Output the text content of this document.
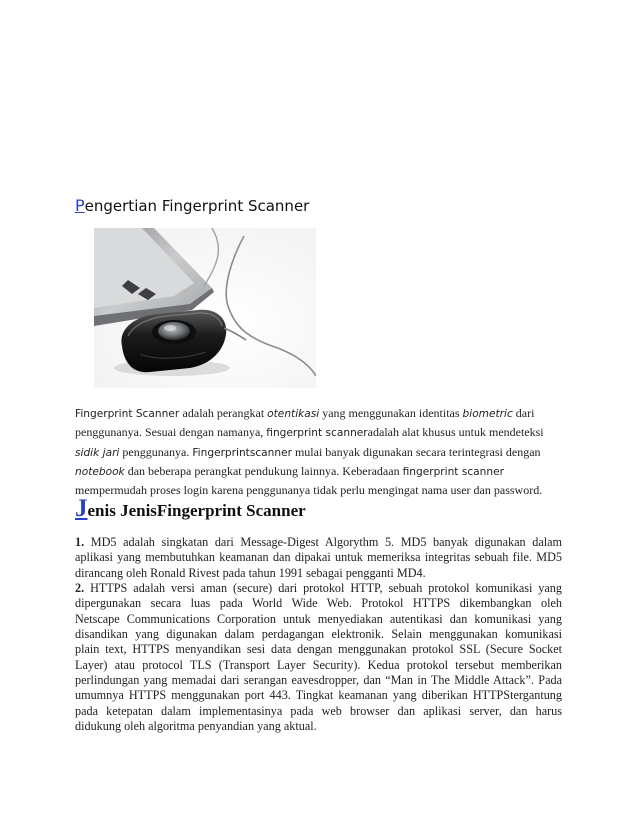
Pengertian Fingerprint Scanner
Fingerprint Scanner adalah perangkat otentikasi yang menggunakan identitas biometric dari
penggunanya. Sesuai dengan namanya, fingerprint scanneradalah alat khusus untuk mendeteksi
sidik jari penggunanya. Fingerprintscanner mulai banyak digunakan secara terintegrasi dengan
notebook dan beberapa perangkat pendukung lainnya. Keberadaan fingerprint scanner
mempermudah proses login karena penggunanya tidak perlu mengingat nama user dan password.
Jenis JenisFingerprint Scanner
1. MD5 adalah singkatan dari Message-Digest Algorythm 5. MD5 banyak digunakan dalam
aplikasi yang membutuhkan keamanan dan dipakai untuk memeriksa integritas sebuah file. MD5
dirancang oleh Ronald Rivest pada tahun 1991 sebagai pengganti MD4.
2. HTTPS adalah versi aman (secure) dari protokol HTTP, sebuah protokol komunikasi yang
dipergunakan secara luas pada World Wide Web. Protokol HTTPS dikembangkan oleh
Netscape Communications Corporation untuk menyediakan autentikasi dan komunikasi yang
disandikan yang digunakan dalam perdagangan elektronik. Selain menggunakan komunikasi
plain text, HTTPS menyandikan sesi data dengan menggunakan protokol SSL (Secure Socket
Layer) atau protocol TLS (Transport Layer Security). Kedua protokol tersebut memberikan
perlindungan yang memadai dari serangan eavesdropper, dan “Man in The Middle Attack”. Pada
umumnya HTTPS menggunakan port 443. Tingkat keamanan yang diberikan HTTPStergantung
pada ketepatan dalam implementasinya pada web browser dan aplikasi server, dan harus
didukung oleh algoritma penyandian yang aktual.
